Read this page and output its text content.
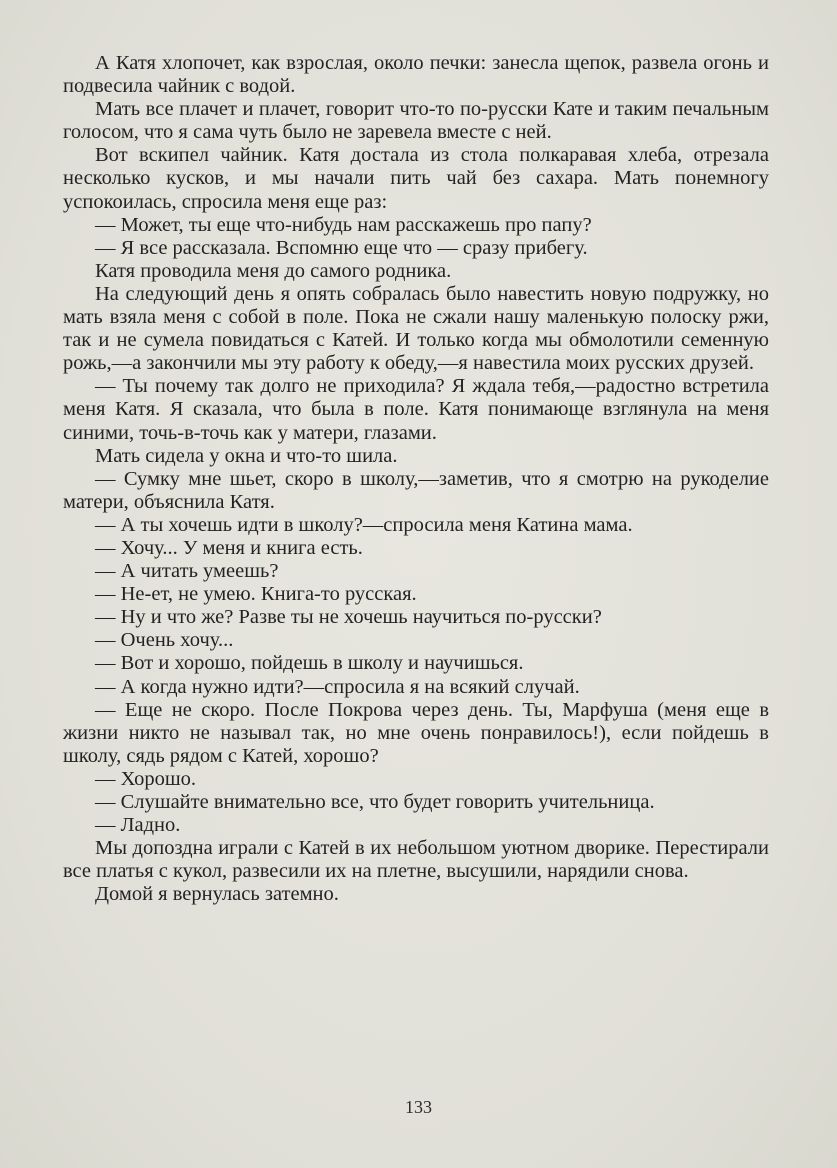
А Катя хлопочет, как взрослая, около печки: занесла щепок, развела огонь и подвесила чайник с водой.

Мать все плачет и плачет, говорит что-то по-русски Кате и таким печальным голосом, что я сама чуть было не заревела вместе с ней.

Вот вскипел чайник. Катя достала из стола полкаравая хлеба, отрезала несколько кусков, и мы начали пить чай без сахара. Мать понемногу успокоилась, спросила меня еще раз:

— Может, ты еще что-нибудь нам расскажешь про папу?

— Я все рассказала. Вспомню еще что — сразу прибегу.

Катя проводила меня до самого родника.

На следующий день я опять собралась было навестить новую подружку, но мать взяла меня с собой в поле. Пока не сжали нашу маленькую полоску ржи, так и не сумела повидаться с Катей. И только когда мы обмолотили семенную рожь,—а закончили мы эту работу к обеду,—я навестила моих русских друзей.

— Ты почему так долго не приходила? Я ждала тебя,—радостно встретила меня Катя. Я сказала, что была в поле. Катя понимающе взглянула на меня синими, точь-в-точь как у матери, глазами.

Мать сидела у окна и что-то шила.

— Сумку мне шьет, скоро в школу,—заметив, что я смотрю на рукоделие матери, объяснила Катя.

— А ты хочешь идти в школу?—спросила меня Катина мама.

— Хочу... У меня и книга есть.

— А читать умеешь?

— Не-ет, не умею. Книга-то русская.

— Ну и что же? Разве ты не хочешь научиться по-русски?

— Очень хочу...

— Вот и хорошо, пойдешь в школу и научишься.

— А когда нужно идти?—спросила я на всякий случай.

— Еще не скоро. После Покрова через день. Ты, Марфуша (меня еще в жизни никто не называл так, но мне очень понравилось!), если пойдешь в школу, сядь рядом с Катей, хорошо?

— Хорошо.

— Слушайте внимательно все, что будет говорить учительница.

— Ладно.

Мы допоздна играли с Катей в их небольшом уютном дворике. Перестирали все платья с кукол, развесили их на плетне, высушили, нарядили снова.

Домой я вернулась затемно.

133
